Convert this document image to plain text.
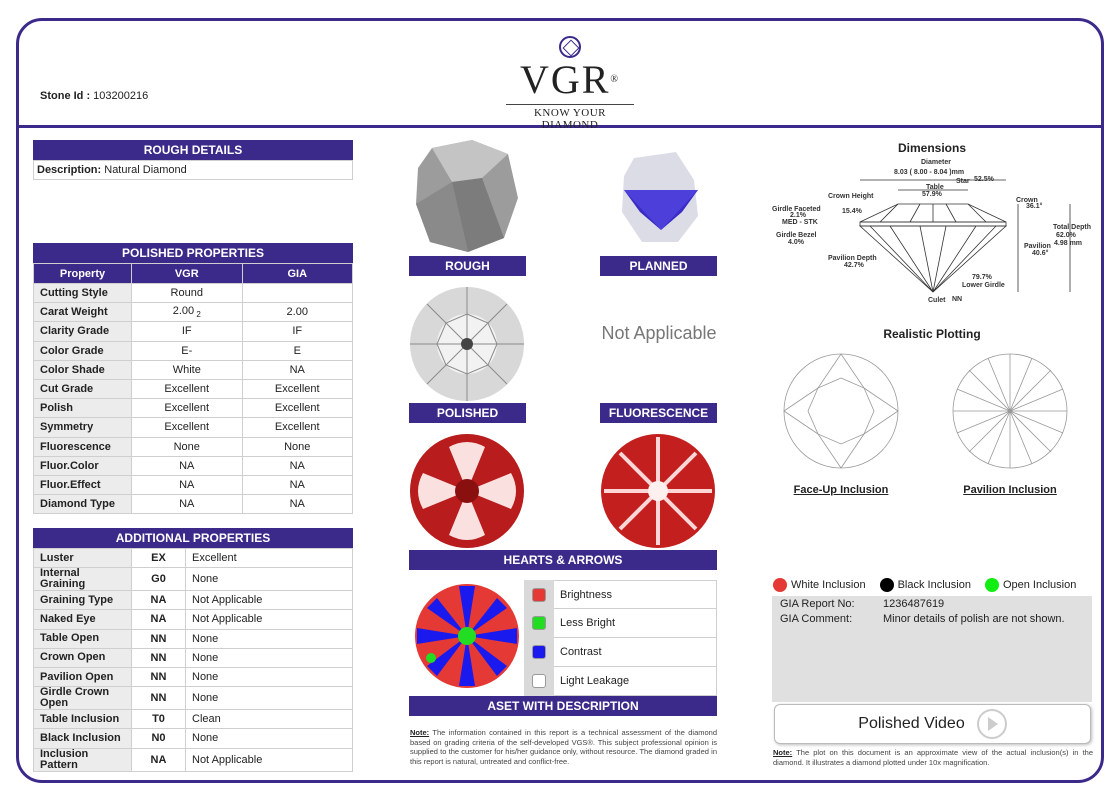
Stone Id : 103200216	VGR®
KNOW YOUR DIAMOND
ROUGH DETAILS
Description: Natural Diamond
POLISHED PROPERTIES
Property	VGR	GIA
Cutting Style	Round	
Carat Weight	2.00 $_2$	2.00
Clarity Grade	IF	IF
Color Grade	E-	E
Color Shade	White	NA
Cut Grade	Excellent	Excellent
Polish	Excellent	Excellent
Symmetry	Excellent	Excellent
Fluorescence	None	None
Fluor.Color	NA	NA
Fluor.Effect	NA	NA
Diamond Type	NA	NA
ADDITIONAL PROPERTIES
Luster	EX	Excellent
Internal Graining	G0	None
Graining Type	NA	Not Applicable
Naked Eye	NA	Not Applicable
Table Open	NN	None
Crown Open	NN	None
Pavilion Open	NN	None
Girdle Crown Open	NN	None
Table Inclusion	T0	Clean
Black Inclusion	N0	None
Inclusion Pattern	NA	Not Applicable
ROUGH	PLANNED
POLISHED
Not Applicable
FLUORESCENCE
HEARTS & ARROWS
Brightness
Less Bright
Contrast
Light Leakage
ASET WITH DESCRIPTION
Note: The information contained in this report is a technical assessment of the diamond based on grading criteria of the self-developed VGS®. This subject professional opinion is supplied to the customer for his/her guidance only, without resource. The diamond graded in this report is natural, untreated and conflict-free.
Dimensions
Diameter
8.03 ( 8.00 - 8.04 )mm
Star 52.5%
Table
57.9%
Crown Height
15.4%
Crown
36.1°
Girdle Faceted
2.1%
MED - STK
Girdle Bezel
4.0%
Total Depth
62.0%
4.98 mm
Pavilion
40.6°
Pavilion Depth
42.7%
79.7%
Lower Girdle
Culet NN
Realistic Plotting
Face-Up Inclusion	Pavilion Inclusion
White Inclusion	Black Inclusion	Open Inclusion
GIA Report No:	1236487619
GIA Comment:	Minor details of polish are not shown.
Polished Video
Note: The plot on this document is an approximate view of the actual inclusion(s) in the diamond. It illustrates a diamond plotted under 10x magnification.
